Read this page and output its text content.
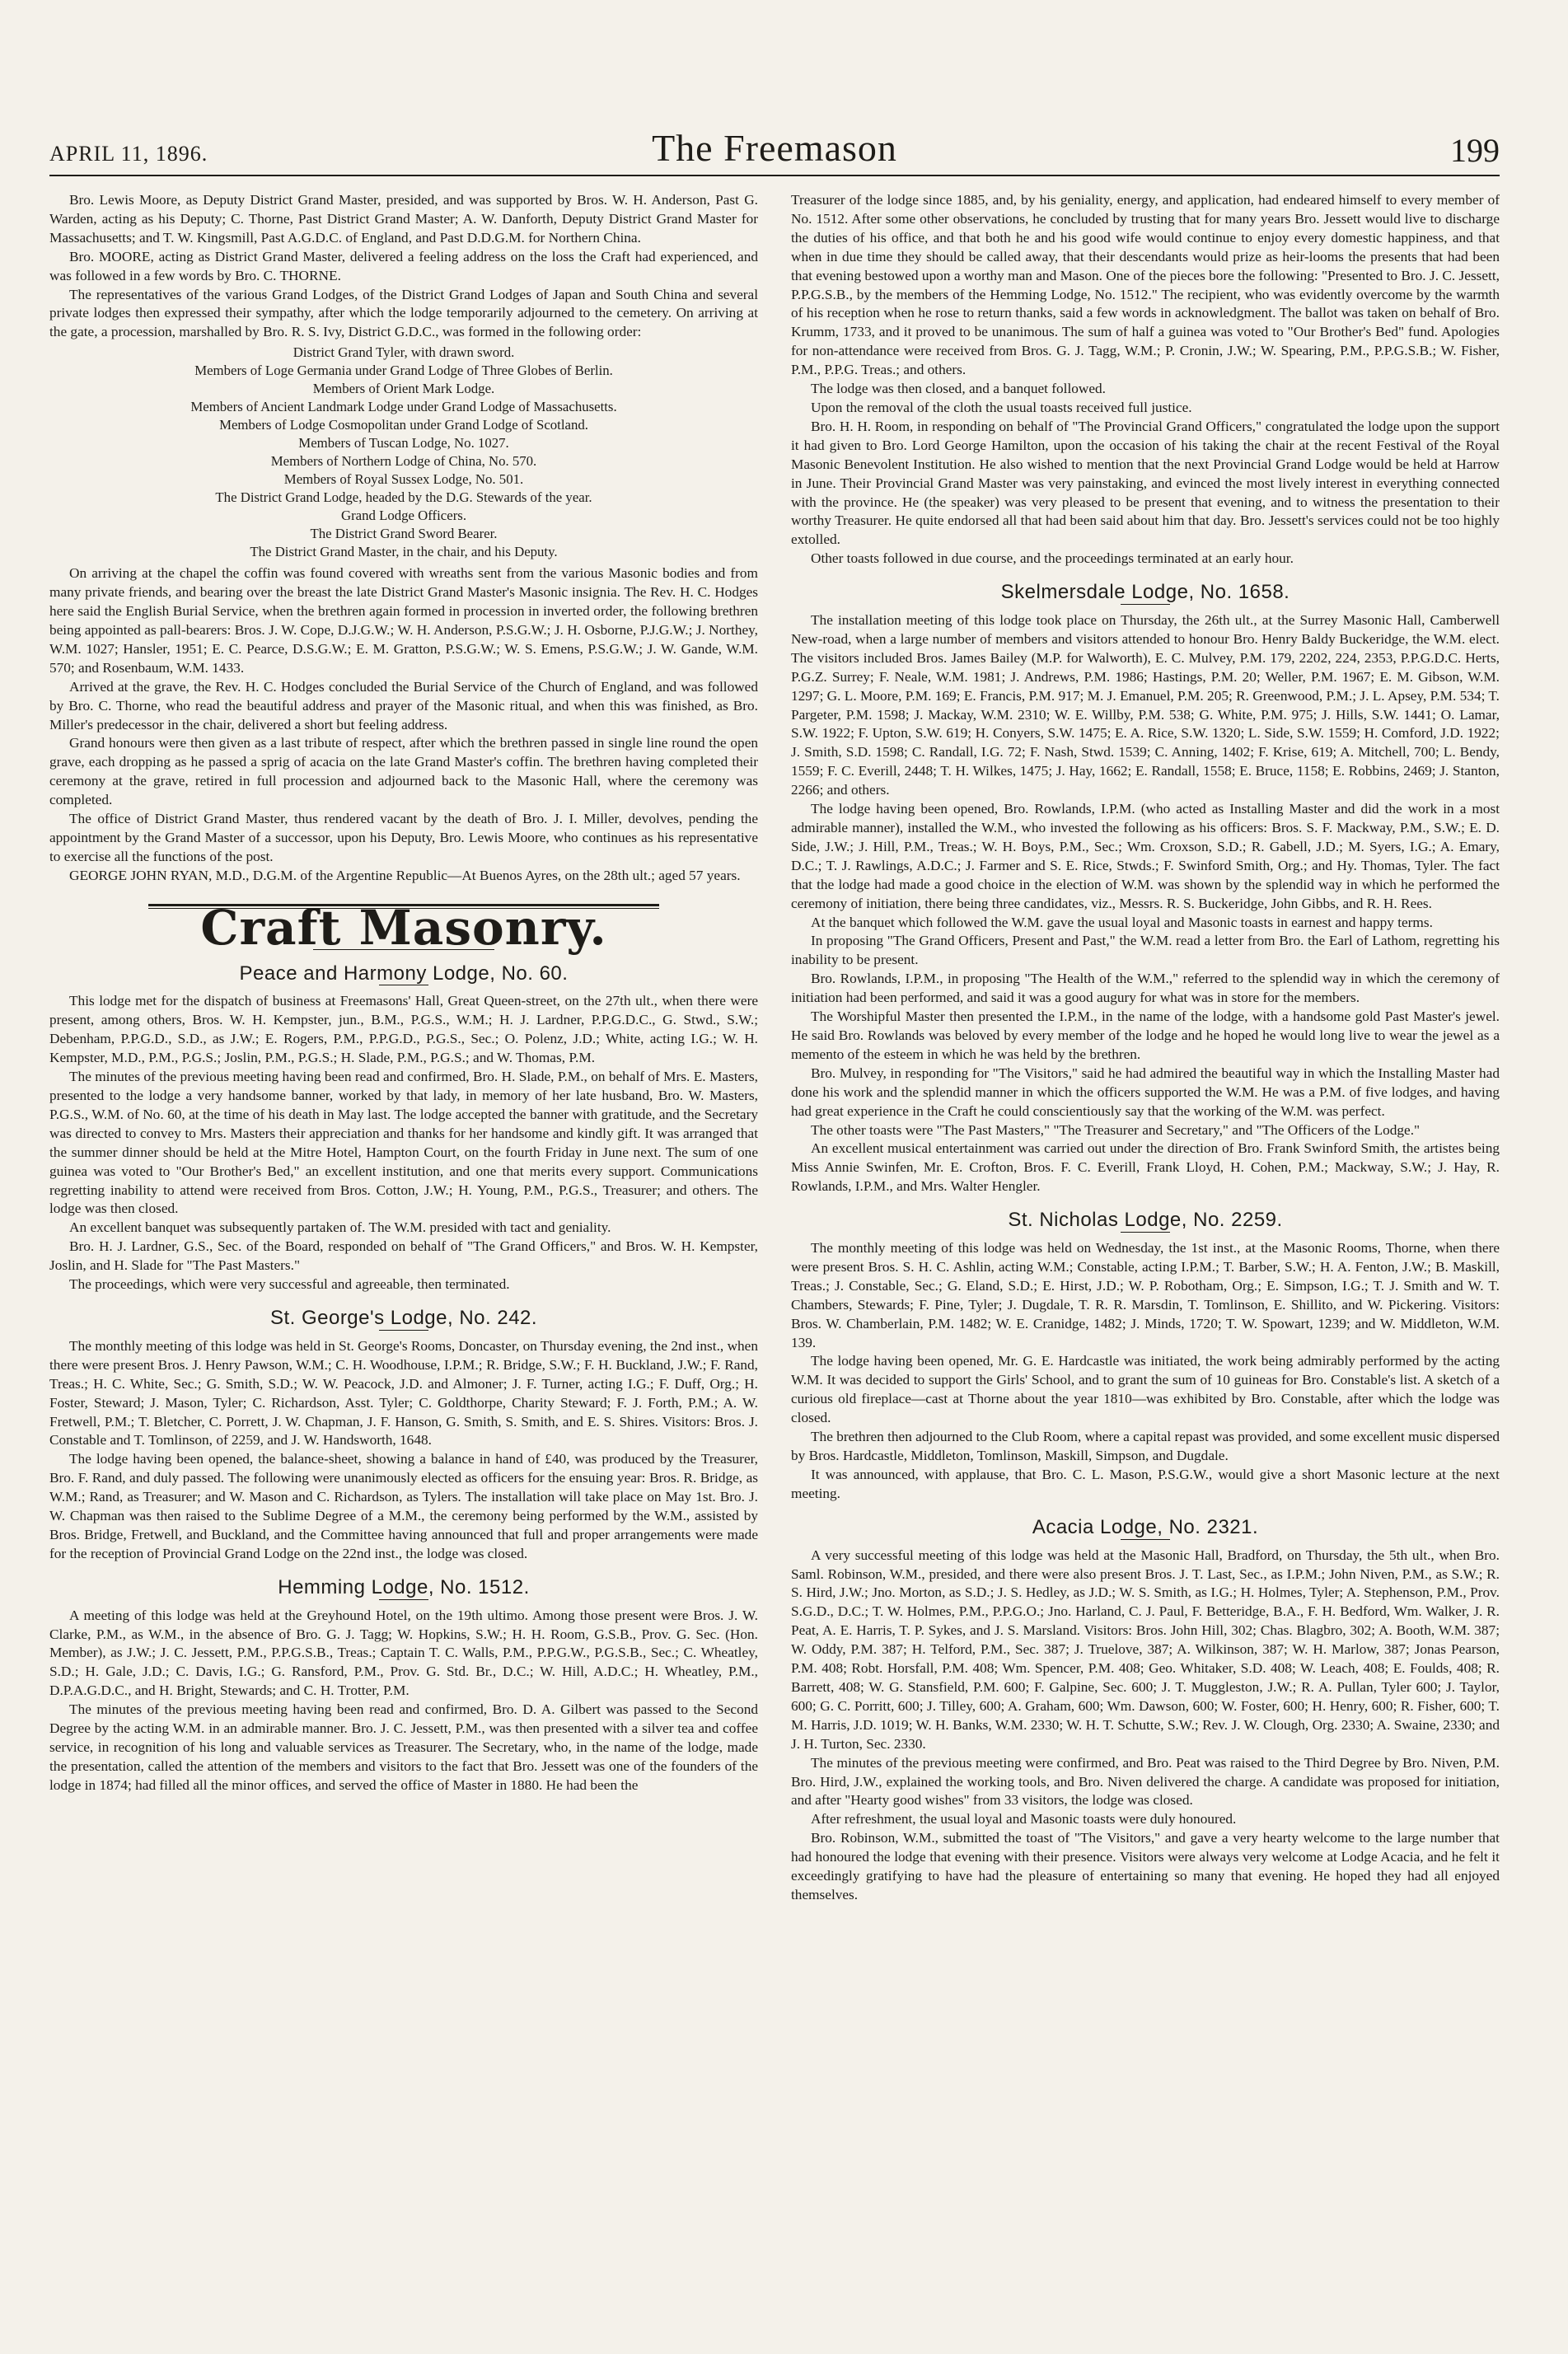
APRIL 11, 1896.	The Freemason	199

Bro. Lewis Moore, as Deputy District Grand Master, presided, and was supported by Bros. W. H. Anderson, Past G. Warden, acting as his Deputy; C. Thorne, Past District Grand Master; A. W. Danforth, Deputy District Grand Master for Massachusetts; and T. W. Kingsmill, Past A.G.D.C. of England, and Past D.D.G.M. for Northern China.

Bro. MOORE, acting as District Grand Master, delivered a feeling address on the loss the Craft had experienced, and was followed in a few words by Bro. C. THORNE.

The representatives of the various Grand Lodges, of the District Grand Lodges of Japan and South China and several private lodges then expressed their sympathy, after which the lodge temporarily adjourned to the cemetery. On arriving at the gate, a procession, marshalled by Bro. R. S. Ivy, District G.D.C., was formed in the following order:

District Grand Tyler, with drawn sword.
Members of Loge Germania under Grand Lodge of Three Globes of Berlin.
Members of Orient Mark Lodge.
Members of Ancient Landmark Lodge under Grand Lodge of Massachusetts.
Members of Lodge Cosmopolitan under Grand Lodge of Scotland.
Members of Tuscan Lodge, No. 1027.
Members of Northern Lodge of China, No. 570.
Members of Royal Sussex Lodge, No. 501.
The District Grand Lodge, headed by the D.G. Stewards of the year.
Grand Lodge Officers.
The District Grand Sword Bearer.
The District Grand Master, in the chair, and his Deputy.

On arriving at the chapel the coffin was found covered with wreaths sent from the various Masonic bodies and from many private friends, and bearing over the breast the late District Grand Master's Masonic insignia. The Rev. H. C. Hodges here said the English Burial Service, when the brethren again formed in procession in inverted order, the following brethren being appointed as pall-bearers: Bros. J. W. Cope, D.J.G.W.; W. H. Anderson, P.S.G.W.; J. H. Osborne, P.J.G.W.; J. Northey, W.M. 1027; Hansler, 1951; E. C. Pearce, D.S.G.W.; E. M. Gratton, P.S.G.W.; W. S. Emens, P.S.G.W.; J. W. Gande, W.M. 570; and Rosenbaum, W.M. 1433.

Arrived at the grave, the Rev. H. C. Hodges concluded the Burial Service of the Church of England, and was followed by Bro. C. Thorne, who read the beautiful address and prayer of the Masonic ritual, and when this was finished, as Bro. Miller's predecessor in the chair, delivered a short but feeling address.

Grand honours were then given as a last tribute of respect, after which the brethren passed in single line round the open grave, each dropping as he passed a sprig of acacia on the late Grand Master's coffin. The brethren having completed their ceremony at the grave, retired in full procession and adjourned back to the Masonic Hall, where the ceremony was completed.

The office of District Grand Master, thus rendered vacant by the death of Bro. J. I. Miller, devolves, pending the appointment by the Grand Master of a successor, upon his Deputy, Bro. Lewis Moore, who continues as his representative to exercise all the functions of the post.

GEORGE JOHN RYAN, M.D., D.G.M. of the Argentine Republic—At Buenos Ayres, on the 28th ult.; aged 57 years.

Craft Masonry.
Peace and Harmony Lodge, No. 60.

This lodge met for the dispatch of business at Freemasons' Hall, Great Queen-street, on the 27th ult., when there were present, among others, Bros. W. H. Kempster, jun., B.M., P.G.S., W.M.; H. J. Lardner, P.P.G.D.C., G. Stwd., S.W.; Debenham, P.P.G.D., S.D., as J.W.; E. Rogers, P.M., P.P.G.D., P.G.S., Sec.; O. Polenz, J.D.; White, acting I.G.; W. H. Kempster, M.D., P.M., P.G.S.; Joslin, P.M., P.G.S.; H. Slade, P.M., P.G.S.; and W. Thomas, P.M.

The minutes of the previous meeting having been read and confirmed, Bro. H. Slade, P.M., on behalf of Mrs. E. Masters, presented to the lodge a very handsome banner, worked by that lady, in memory of her late husband, Bro. W. Masters, P.G.S., W.M. of No. 60, at the time of his death in May last. The lodge accepted the banner with gratitude, and the Secretary was directed to convey to Mrs. Masters their appreciation and thanks for her handsome and kindly gift. It was arranged that the summer dinner should be held at the Mitre Hotel, Hampton Court, on the fourth Friday in June next. The sum of one guinea was voted to "Our Brother's Bed," an excellent institution, and one that merits every support. Communications regretting inability to attend were received from Bros. Cotton, J.W.; H. Young, P.M., P.G.S., Treasurer; and others. The lodge was then closed.

An excellent banquet was subsequently partaken of. The W.M. presided with tact and geniality.

Bro. H. J. Lardner, G.S., Sec. of the Board, responded on behalf of "The Grand Officers," and Bros. W. H. Kempster, Joslin, and H. Slade for "The Past Masters."

The proceedings, which were very successful and agreeable, then terminated.

St. George's Lodge, No. 242.

The monthly meeting of this lodge was held in St. George's Rooms, Doncaster, on Thursday evening, the 2nd inst., when there were present Bros. J. Henry Pawson, W.M.; C. H. Woodhouse, I.P.M.; R. Bridge, S.W.; F. H. Buckland, J.W.; F. Rand, Treas.; H. C. White, Sec.; G. Smith, S.D.; W. W. Peacock, J.D. and Almoner; J. F. Turner, acting I.G.; F. Duff, Org.; H. Foster, Steward; J. Mason, Tyler; C. Richardson, Asst. Tyler; C. Goldthorpe, Charity Steward; F. J. Forth, P.M.; A. W. Fretwell, P.M.; T. Bletcher, C. Porrett, J. W. Chapman, J. F. Hanson, G. Smith, S. Smith, and E. S. Shires. Visitors: Bros. J. Constable and T. Tomlinson, of 2259, and J. W. Handsworth, 1648.

The lodge having been opened, the balance-sheet, showing a balance in hand of £40, was produced by the Treasurer, Bro. F. Rand, and duly passed. The following were unanimously elected as officers for the ensuing year: Bros. R. Bridge, as W.M.; Rand, as Treasurer; and W. Mason and C. Richardson, as Tylers. The installation will take place on May 1st. Bro. J. W. Chapman was then raised to the Sublime Degree of a M.M., the ceremony being performed by the W.M., assisted by Bros. Bridge, Fretwell, and Buckland, and the Committee having announced that full and proper arrangements were made for the reception of Provincial Grand Lodge on the 22nd inst., the lodge was closed.

Hemming Lodge, No. 1512.

A meeting of this lodge was held at the Greyhound Hotel, on the 19th ultimo. Among those present were Bros. J. W. Clarke, P.M., as W.M., in the absence of Bro. G. J. Tagg; W. Hopkins, S.W.; H. H. Room, G.S.B., Prov. G. Sec. (Hon. Member), as J.W.; J. C. Jessett, P.M., P.P.G.S.B., Treas.; Captain T. C. Walls, P.M., P.P.G.W., P.G.S.B., Sec.; C. Wheatley, S.D.; H. Gale, J.D.; C. Davis, I.G.; G. Ransford, P.M., Prov. G. Std. Br., D.C.; W. Hill, A.D.C.; H. Wheatley, P.M., D.P.A.G.D.C., and H. Bright, Stewards; and C. H. Trotter, P.M.

The minutes of the previous meeting having been read and confirmed, Bro. D. A. Gilbert was passed to the Second Degree by the acting W.M. in an admirable manner. Bro. J. C. Jessett, P.M., was then presented with a silver tea and coffee service, in recognition of his long and valuable services as Treasurer. The Secretary, who, in the name of the lodge, made the presentation, called the attention of the members and visitors to the fact that Bro. Jessett was one of the founders of the lodge in 1874; had filled all the minor offices, and served the office of Master in 1880. He had been the

Treasurer of the lodge since 1885, and, by his geniality, energy, and application, had endeared himself to every member of No. 1512. After some other observations, he concluded by trusting that for many years Bro. Jessett would live to discharge the duties of his office, and that both he and his good wife would continue to enjoy every domestic happiness, and that when in due time they should be called away, that their descendants would prize as heir-looms the presents that had been that evening bestowed upon a worthy man and Mason. One of the pieces bore the following: "Presented to Bro. J. C. Jessett, P.P.G.S.B., by the members of the Hemming Lodge, No. 1512." The recipient, who was evidently overcome by the warmth of his reception when he rose to return thanks, said a few words in acknowledgment. The ballot was taken on behalf of Bro. Krumm, 1733, and it proved to be unanimous. The sum of half a guinea was voted to "Our Brother's Bed" fund. Apologies for non-attendance were received from Bros. G. J. Tagg, W.M.; P. Cronin, J.W.; W. Spearing, P.M., P.P.G.S.B.; W. Fisher, P.M., P.P.G. Treas.; and others.

The lodge was then closed, and a banquet followed.

Upon the removal of the cloth the usual toasts received full justice.

Bro. H. H. Room, in responding on behalf of "The Provincial Grand Officers," congratulated the lodge upon the support it had given to Bro. Lord George Hamilton, upon the occasion of his taking the chair at the recent Festival of the Royal Masonic Benevolent Institution. He also wished to mention that the next Provincial Grand Lodge would be held at Harrow in June. Their Provincial Grand Master was very painstaking, and evinced the most lively interest in everything connected with the province. He (the speaker) was very pleased to be present that evening, and to witness the presentation to their worthy Treasurer. He quite endorsed all that had been said about him that day. Bro. Jessett's services could not be too highly extolled.

Other toasts followed in due course, and the proceedings terminated at an early hour.

Skelmersdale Lodge, No. 1658.

The installation meeting of this lodge took place on Thursday, the 26th ult., at the Surrey Masonic Hall, Camberwell New-road, when a large number of members and visitors attended to honour Bro. Henry Baldy Buckeridge, the W.M. elect. The visitors included Bros. James Bailey (M.P. for Walworth), E. C. Mulvey, P.M. 179, 2202, 224, 2353, P.P.G.D.C. Herts, P.G.Z. Surrey; F. Neale, W.M. 1981; J. Andrews, P.M. 1986; Hastings, P.M. 20; Weller, P.M. 1967; E. M. Gibson, W.M. 1297; G. L. Moore, P.M. 169; E. Francis, P.M. 917; M. J. Emanuel, P.M. 205; R. Greenwood, P.M.; J. L. Apsey, P.M. 534; T. Pargeter, P.M. 1598; J. Mackay, W.M. 2310; W. E. Willby, P.M. 538; G. White, P.M. 975; J. Hills, S.W. 1441; O. Lamar, S.W. 1922; F. Upton, S.W. 619; H. Conyers, S.W. 1475; E. A. Rice, S.W. 1320; L. Side, S.W. 1559; H. Comford, J.D. 1922; J. Smith, S.D. 1598; C. Randall, I.G. 72; F. Nash, Stwd. 1539; C. Anning, 1402; F. Krise, 619; A. Mitchell, 700; L. Bendy, 1559; F. C. Everill, 2448; T. H. Wilkes, 1475; J. Hay, 1662; E. Randall, 1558; E. Bruce, 1158; E. Robbins, 2469; J. Stanton, 2266; and others.

The lodge having been opened, Bro. Rowlands, I.P.M. (who acted as Installing Master and did the work in a most admirable manner), installed the W.M., who invested the following as his officers: Bros. S. F. Mackway, P.M., S.W.; E. D. Side, J.W.; J. Hill, P.M., Treas.; W. H. Boys, P.M., Sec.; Wm. Croxson, S.D.; R. Gabell, J.D.; M. Syers, I.G.; A. Emary, D.C.; T. J. Rawlings, A.D.C.; J. Farmer and S. E. Rice, Stwds.; F. Swinford Smith, Org.; and Hy. Thomas, Tyler. The fact that the lodge had made a good choice in the election of W.M. was shown by the splendid way in which he performed the ceremony of initiation, there being three candidates, viz., Messrs. R. S. Buckeridge, John Gibbs, and R. H. Rees.

At the banquet which followed the W.M. gave the usual loyal and Masonic toasts in earnest and happy terms.

In proposing "The Grand Officers, Present and Past," the W.M. read a letter from Bro. the Earl of Lathom, regretting his inability to be present.

Bro. Rowlands, I.P.M., in proposing "The Health of the W.M.," referred to the splendid way in which the ceremony of initiation had been performed, and said it was a good augury for what was in store for the members.

The Worshipful Master then presented the I.P.M., in the name of the lodge, with a handsome gold Past Master's jewel. He said Bro. Rowlands was beloved by every member of the lodge and he hoped he would long live to wear the jewel as a memento of the esteem in which he was held by the brethren.

Bro. Mulvey, in responding for "The Visitors," said he had admired the beautiful way in which the Installing Master had done his work and the splendid manner in which the officers supported the W.M. He was a P.M. of five lodges, and having had great experience in the Craft he could conscientiously say that the working of the W.M. was perfect.

The other toasts were "The Past Masters," "The Treasurer and Secretary," and "The Officers of the Lodge."

An excellent musical entertainment was carried out under the direction of Bro. Frank Swinford Smith, the artistes being Miss Annie Swinfen, Mr. E. Crofton, Bros. F. C. Everill, Frank Lloyd, H. Cohen, P.M.; Mackway, S.W.; J. Hay, R. Rowlands, I.P.M., and Mrs. Walter Hengler.

St. Nicholas Lodge, No. 2259.

The monthly meeting of this lodge was held on Wednesday, the 1st inst., at the Masonic Rooms, Thorne, when there were present Bros. S. H. C. Ashlin, acting W.M.; Constable, acting I.P.M.; T. Barber, S.W.; H. A. Fenton, J.W.; B. Maskill, Treas.; J. Constable, Sec.; G. Eland, S.D.; E. Hirst, J.D.; W. P. Robotham, Org.; E. Simpson, I.G.; T. J. Smith and W. T. Chambers, Stewards; F. Pine, Tyler; J. Dugdale, T. R. R. Marsdin, T. Tomlinson, E. Shillito, and W. Pickering. Visitors: Bros. W. Chamberlain, P.M. 1482; W. E. Cranidge, 1482; J. Minds, 1720; T. W. Spowart, 1239; and W. Middleton, W.M. 139.

The lodge having been opened, Mr. G. E. Hardcastle was initiated, the work being admirably performed by the acting W.M. It was decided to support the Girls' School, and to grant the sum of 10 guineas for Bro. Constable's list. A sketch of a curious old fireplace—cast at Thorne about the year 1810—was exhibited by Bro. Constable, after which the lodge was closed.

The brethren then adjourned to the Club Room, where a capital repast was provided, and some excellent music dispersed by Bros. Hardcastle, Middleton, Tomlinson, Maskill, Simpson, and Dugdale.

It was announced, with applause, that Bro. C. L. Mason, P.S.G.W., would give a short Masonic lecture at the next meeting.

Acacia Lodge, No. 2321.

A very successful meeting of this lodge was held at the Masonic Hall, Bradford, on Thursday, the 5th ult., when Bro. Saml. Robinson, W.M., presided, and there were also present Bros. J. T. Last, Sec., as I.P.M.; John Niven, P.M., as S.W.; R. S. Hird, J.W.; Jno. Morton, as S.D.; J. S. Hedley, as J.D.; W. S. Smith, as I.G.; H. Holmes, Tyler; A. Stephenson, P.M., Prov. S.G.D., D.C.; T. W. Holmes, P.M., P.P.G.O.; Jno. Harland, C. J. Paul, F. Betteridge, B.A., F. H. Bedford, Wm. Walker, J. R. Peat, A. E. Harris, T. P. Sykes, and J. S. Marsland. Visitors: Bros. John Hill, 302; Chas. Blagbro, 302; A. Booth, W.M. 387; W. Oddy, P.M. 387; H. Telford, P.M., Sec. 387; J. Truelove, 387; A. Wilkinson, 387; W. H. Marlow, 387; Jonas Pearson, P.M. 408; Robt. Horsfall, P.M. 408; Wm. Spencer, P.M. 408; Geo. Whitaker, S.D. 408; W. Leach, 408; E. Foulds, 408; R. Barrett, 408; W. G. Stansfield, P.M. 600; F. Galpine, Sec. 600; J. T. Muggleston, J.W.; R. A. Pullan, Tyler 600; J. Taylor, 600; G. C. Porritt, 600; J. Tilley, 600; A. Graham, 600; Wm. Dawson, 600; W. Foster, 600; H. Henry, 600; R. Fisher, 600; T. M. Harris, J.D. 1019; W. H. Banks, W.M. 2330; W. H. T. Schutte, S.W.; Rev. J. W. Clough, Org. 2330; A. Swaine, 2330; and J. H. Turton, Sec. 2330.

The minutes of the previous meeting were confirmed, and Bro. Peat was raised to the Third Degree by Bro. Niven, P.M. Bro. Hird, J.W., explained the working tools, and Bro. Niven delivered the charge. A candidate was proposed for initiation, and after "Hearty good wishes" from 33 visitors, the lodge was closed.

After refreshment, the usual loyal and Masonic toasts were duly honoured.

Bro. Robinson, W.M., submitted the toast of "The Visitors," and gave a very hearty welcome to the large number that had honoured the lodge that evening with their presence. Visitors were always very welcome at Lodge Acacia, and he felt it exceedingly gratifying to have had the pleasure of entertaining so many that evening. He hoped they had all enjoyed themselves.
